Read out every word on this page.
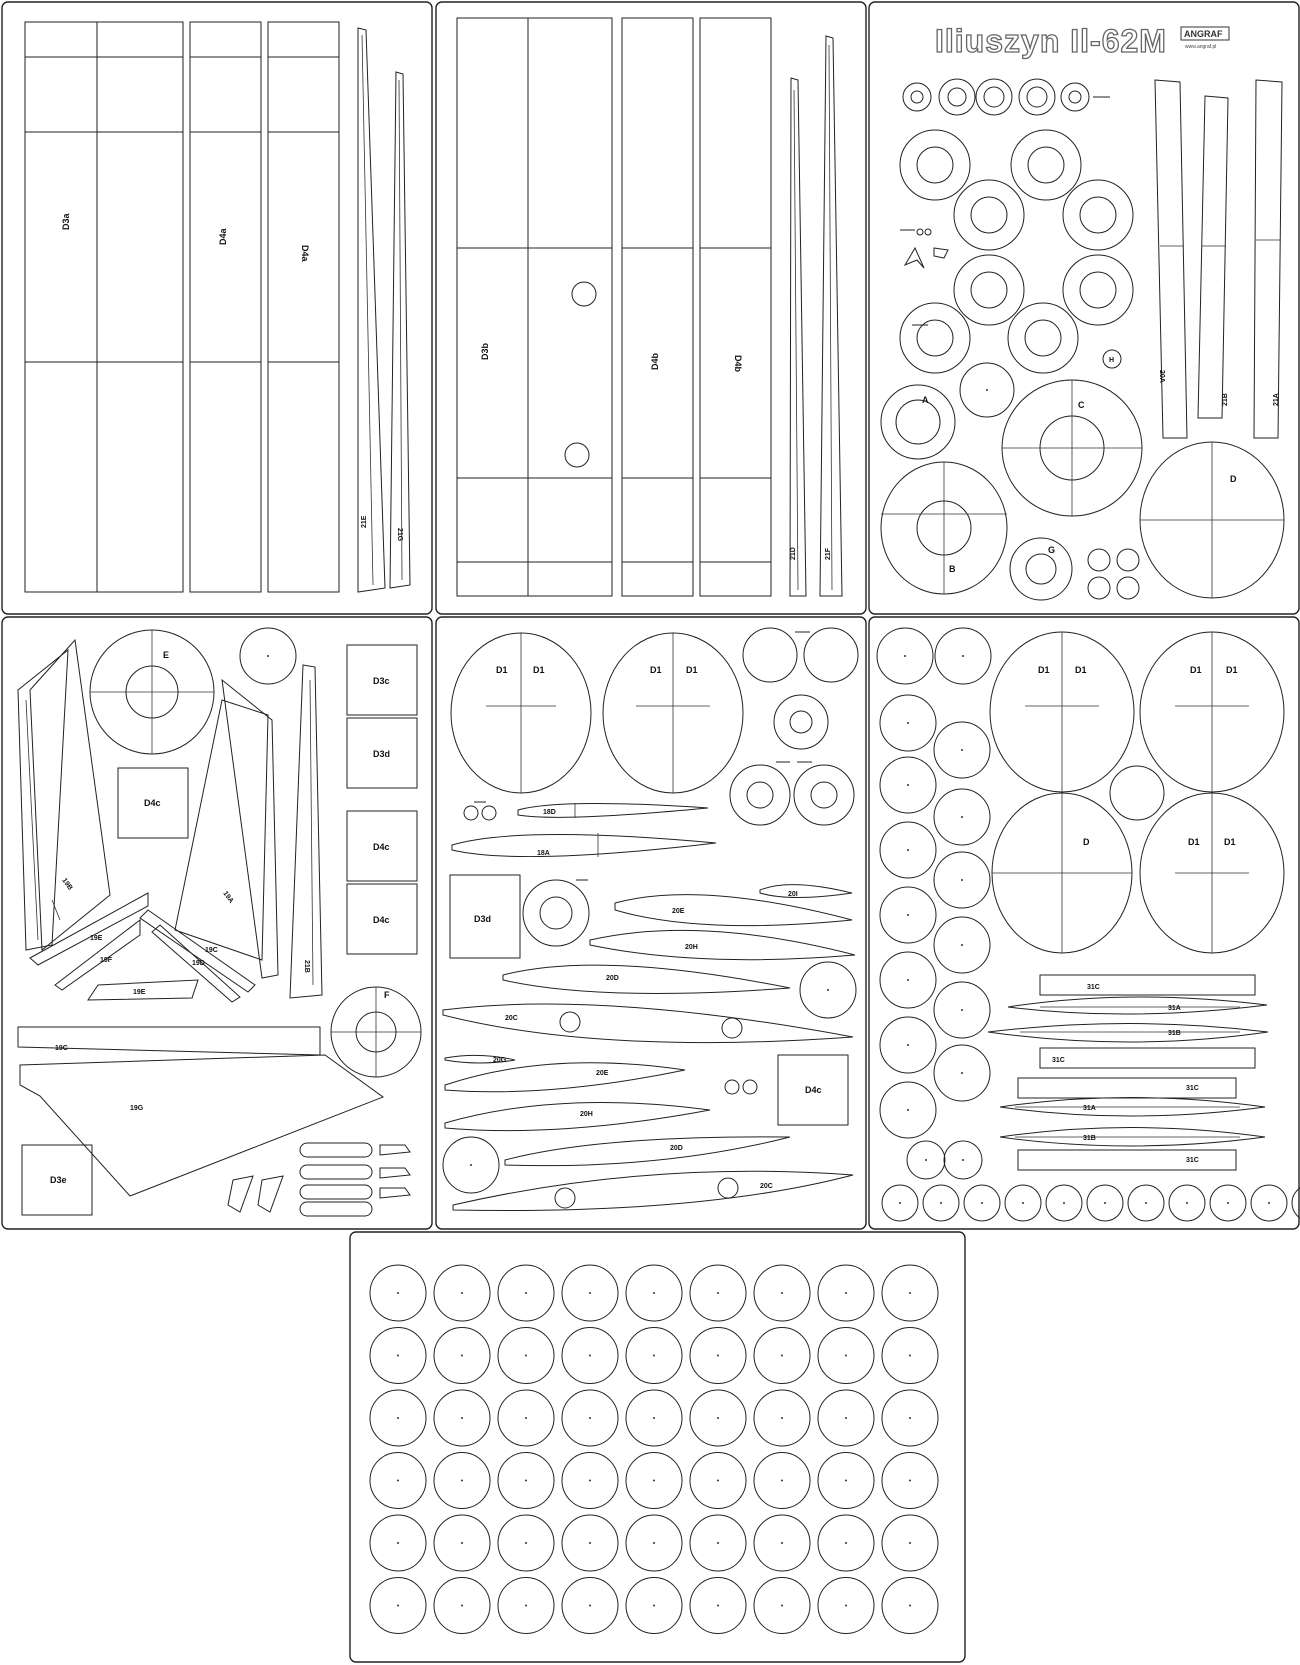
D3a
D4a
D4a
21E
21G
D3b
D4b	D4b
21D	21F
Iliuszyn Il-62M ANGRAF
www.angraf.pl
H
A	C
B
D
G
20A
21B	21A
E
D3c
D3d
D4c
D4c
D4c
19B
19A
21B
19E
19F
19C
19D
19E	F
19C
19G
D3e
D1	D1	D1	D1
18D
18A
D3d
20I
20E
20H
20D
20C
20G
20E
D4c
20H
20D
20C
D1	D1	D1	D1
D	D1	D1
31C
31A
31B
31C
31C
31A
31B
31C
